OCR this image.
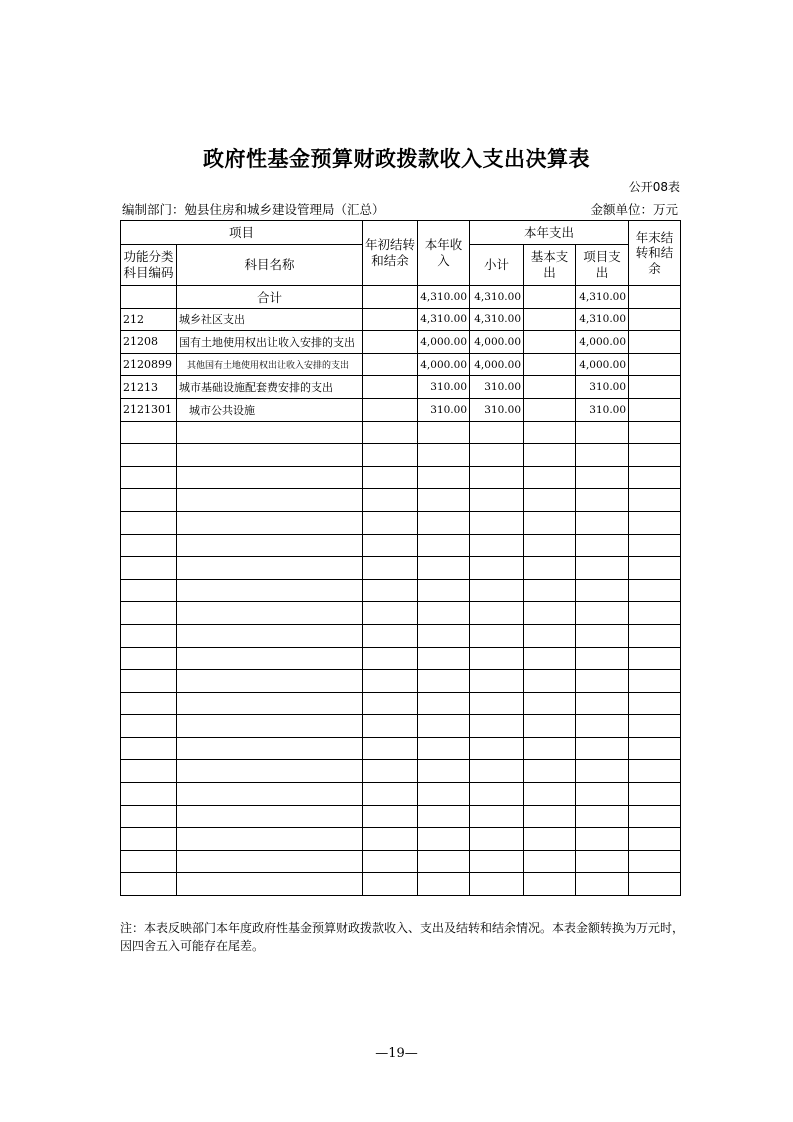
政府性基金预算财政拨款收入支出决算表
公开08表
编制部门：勉县住房和城乡建设管理局（汇总）	金额单位：万元
项目		年初结转和结余	本年收入	本年支出			年末结转和结余
功能分类科目编码	科目名称			小计	基本支出	项目支出	
	合计		4,310.00	4,310.00		4,310.00	
212	城乡社区支出		4,310.00	4,310.00		4,310.00	
21208	国有土地使用权出让收入安排的支出		4,000.00	4,000.00		4,000.00	
2120899	其他国有土地使用权出让收入安排的支出		4,000.00	4,000.00		4,000.00	
21213	城市基础设施配套费安排的支出		310.00	310.00		310.00	
2121301	城市公共设施		310.00	310.00		310.00	

注：本表反映部门本年度政府性基金预算财政拨款收入、支出及结转和结余情况。本表金额转换为万元时，因四舍五入可能存在尾差。
—19—
